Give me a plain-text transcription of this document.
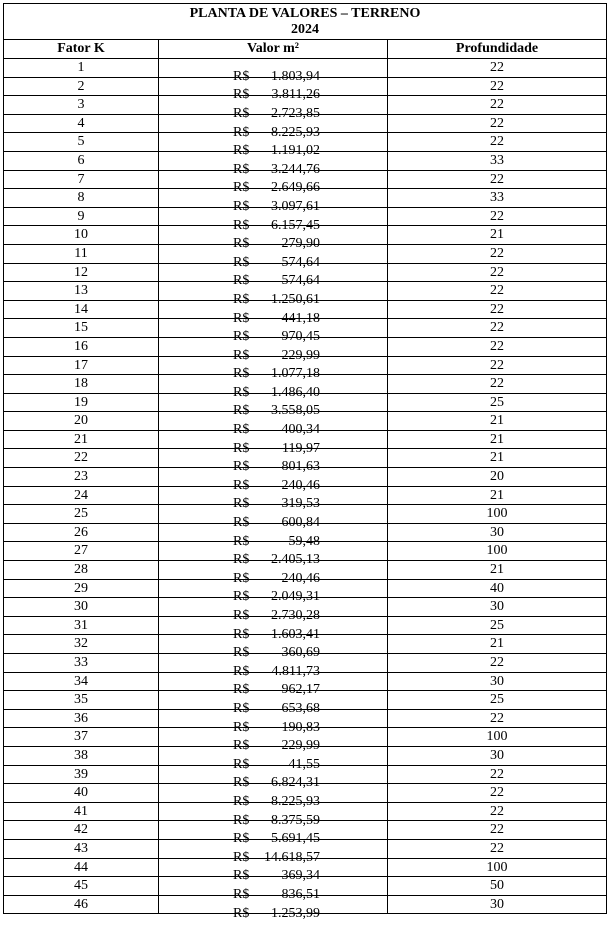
PLANTA DE VALORES – TERRENO
2024		

Fator K	Valor m²	Profundidade
1	R$ 1.803,94	22
2	R$ 3.811,26	22
3	R$ 2.723,85	22
4	R$ 8.225,93	22
5	R$ 1.191,02	22
6	R$ 3.244,76	33
7	R$ 2.649,66	22
8	R$ 3.097,61	33
9	R$ 6.157,45	22
10	R$ 279,90	21
11	R$ 574,64	22
12	R$ 574,64	22
13	R$ 1.250,61	22
14	R$ 441,18	22
15	R$ 970,45	22
16	R$ 229,99	22
17	R$ 1.077,18	22
18	R$ 1.486,40	22
19	R$ 3.558,05	25
20	R$ 400,34	21
21	R$ 119,97	21
22	R$ 801,63	21
23	R$ 240,46	20
24	R$ 319,53	21
25	R$ 600,84	100
26	R$ 59,48	30
27	R$ 2.405,13	100
28	R$ 240,46	21
29	R$ 2.049,31	40
30	R$ 2.730,28	30
31	R$ 1.603,41	25
32	R$ 360,69	21
33	R$ 4.811,73	22
34	R$ 962,17	30
35	R$ 653,68	25
36	R$ 190,83	22
37	R$ 229,99	100
38	R$ 41,55	30
39	R$ 6.824,31	22
40	R$ 8.225,93	22
41	R$ 8.375,59	22
42	R$ 5.691,45	22
43	R$ 14.618,57	22
44	R$ 369,34	100
45	R$ 836,51	50
46	R$ 1.253,99	30
